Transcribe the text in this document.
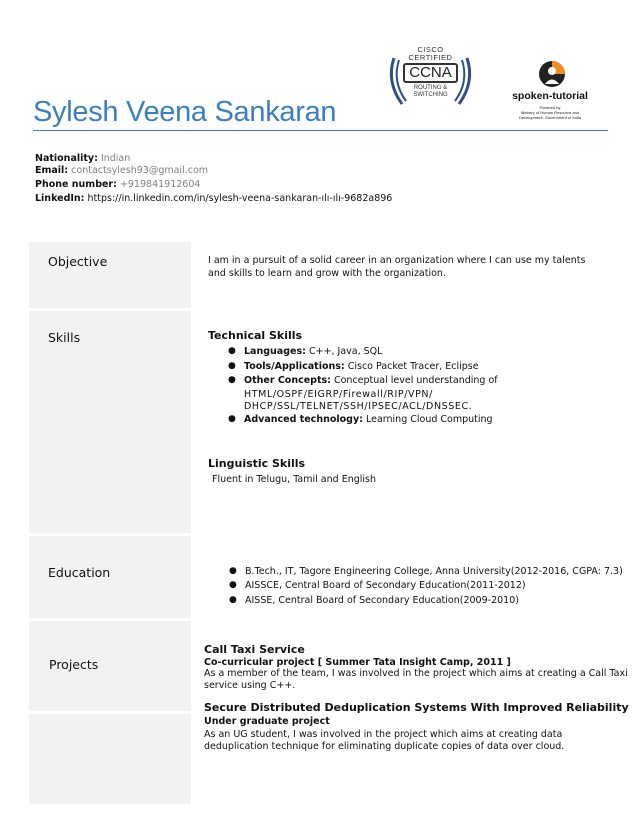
Sylesh Veena Sankaran
CISCO
CERTIFIED
CCNA
ROUTING &
SWITCHING	spoken-tutorial
Powered by
Ministry of Human Resource and
Development, Government of India
Nationality: Indian
Email: contactsylesh93@gmail.com
Phone number: +919841912604
LinkedIn: https://in.linkedin.com/in/sylesh-veena-sankaran-ılı-ılı-9682a896
Objective
Skills
Education
Projects
I am in a pursuit of a solid career in an organization where I can use my talents
and skills to learn and grow with the organization.
Technical Skills
● Languages: C++, Java, SQL
● Tools/Applications: Cisco Packet Tracer, Eclipse
● Other Concepts: Conceptual level understanding of
HTML/OSPF/EIGRP/Firewall/RIP/VPN/
DHCP/SSL/TELNET/SSH/IPSEC/ACL/DNSSEC.
● Advanced technology: Learning Cloud Computing
Linguistic Skills
Fluent in Telugu, Tamil and English
● B.Tech., IT, Tagore Engineering College, Anna University(2012-2016, CGPA: 7.3)
● AISSCE, Central Board of Secondary Education(2011-2012)
● AISSE, Central Board of Secondary Education(2009-2010)
Call Taxi Service
Co-curricular project [ Summer Tata Insight Camp, 2011 ]
As a member of the team, I was involved in the project which aims at creating a Call Taxi
service using C++.
Secure Distributed Deduplication Systems With Improved Reliability
Under graduate project
As an UG student, I was involved in the project which aims at creating data
deduplication technique for eliminating duplicate copies of data over cloud.
